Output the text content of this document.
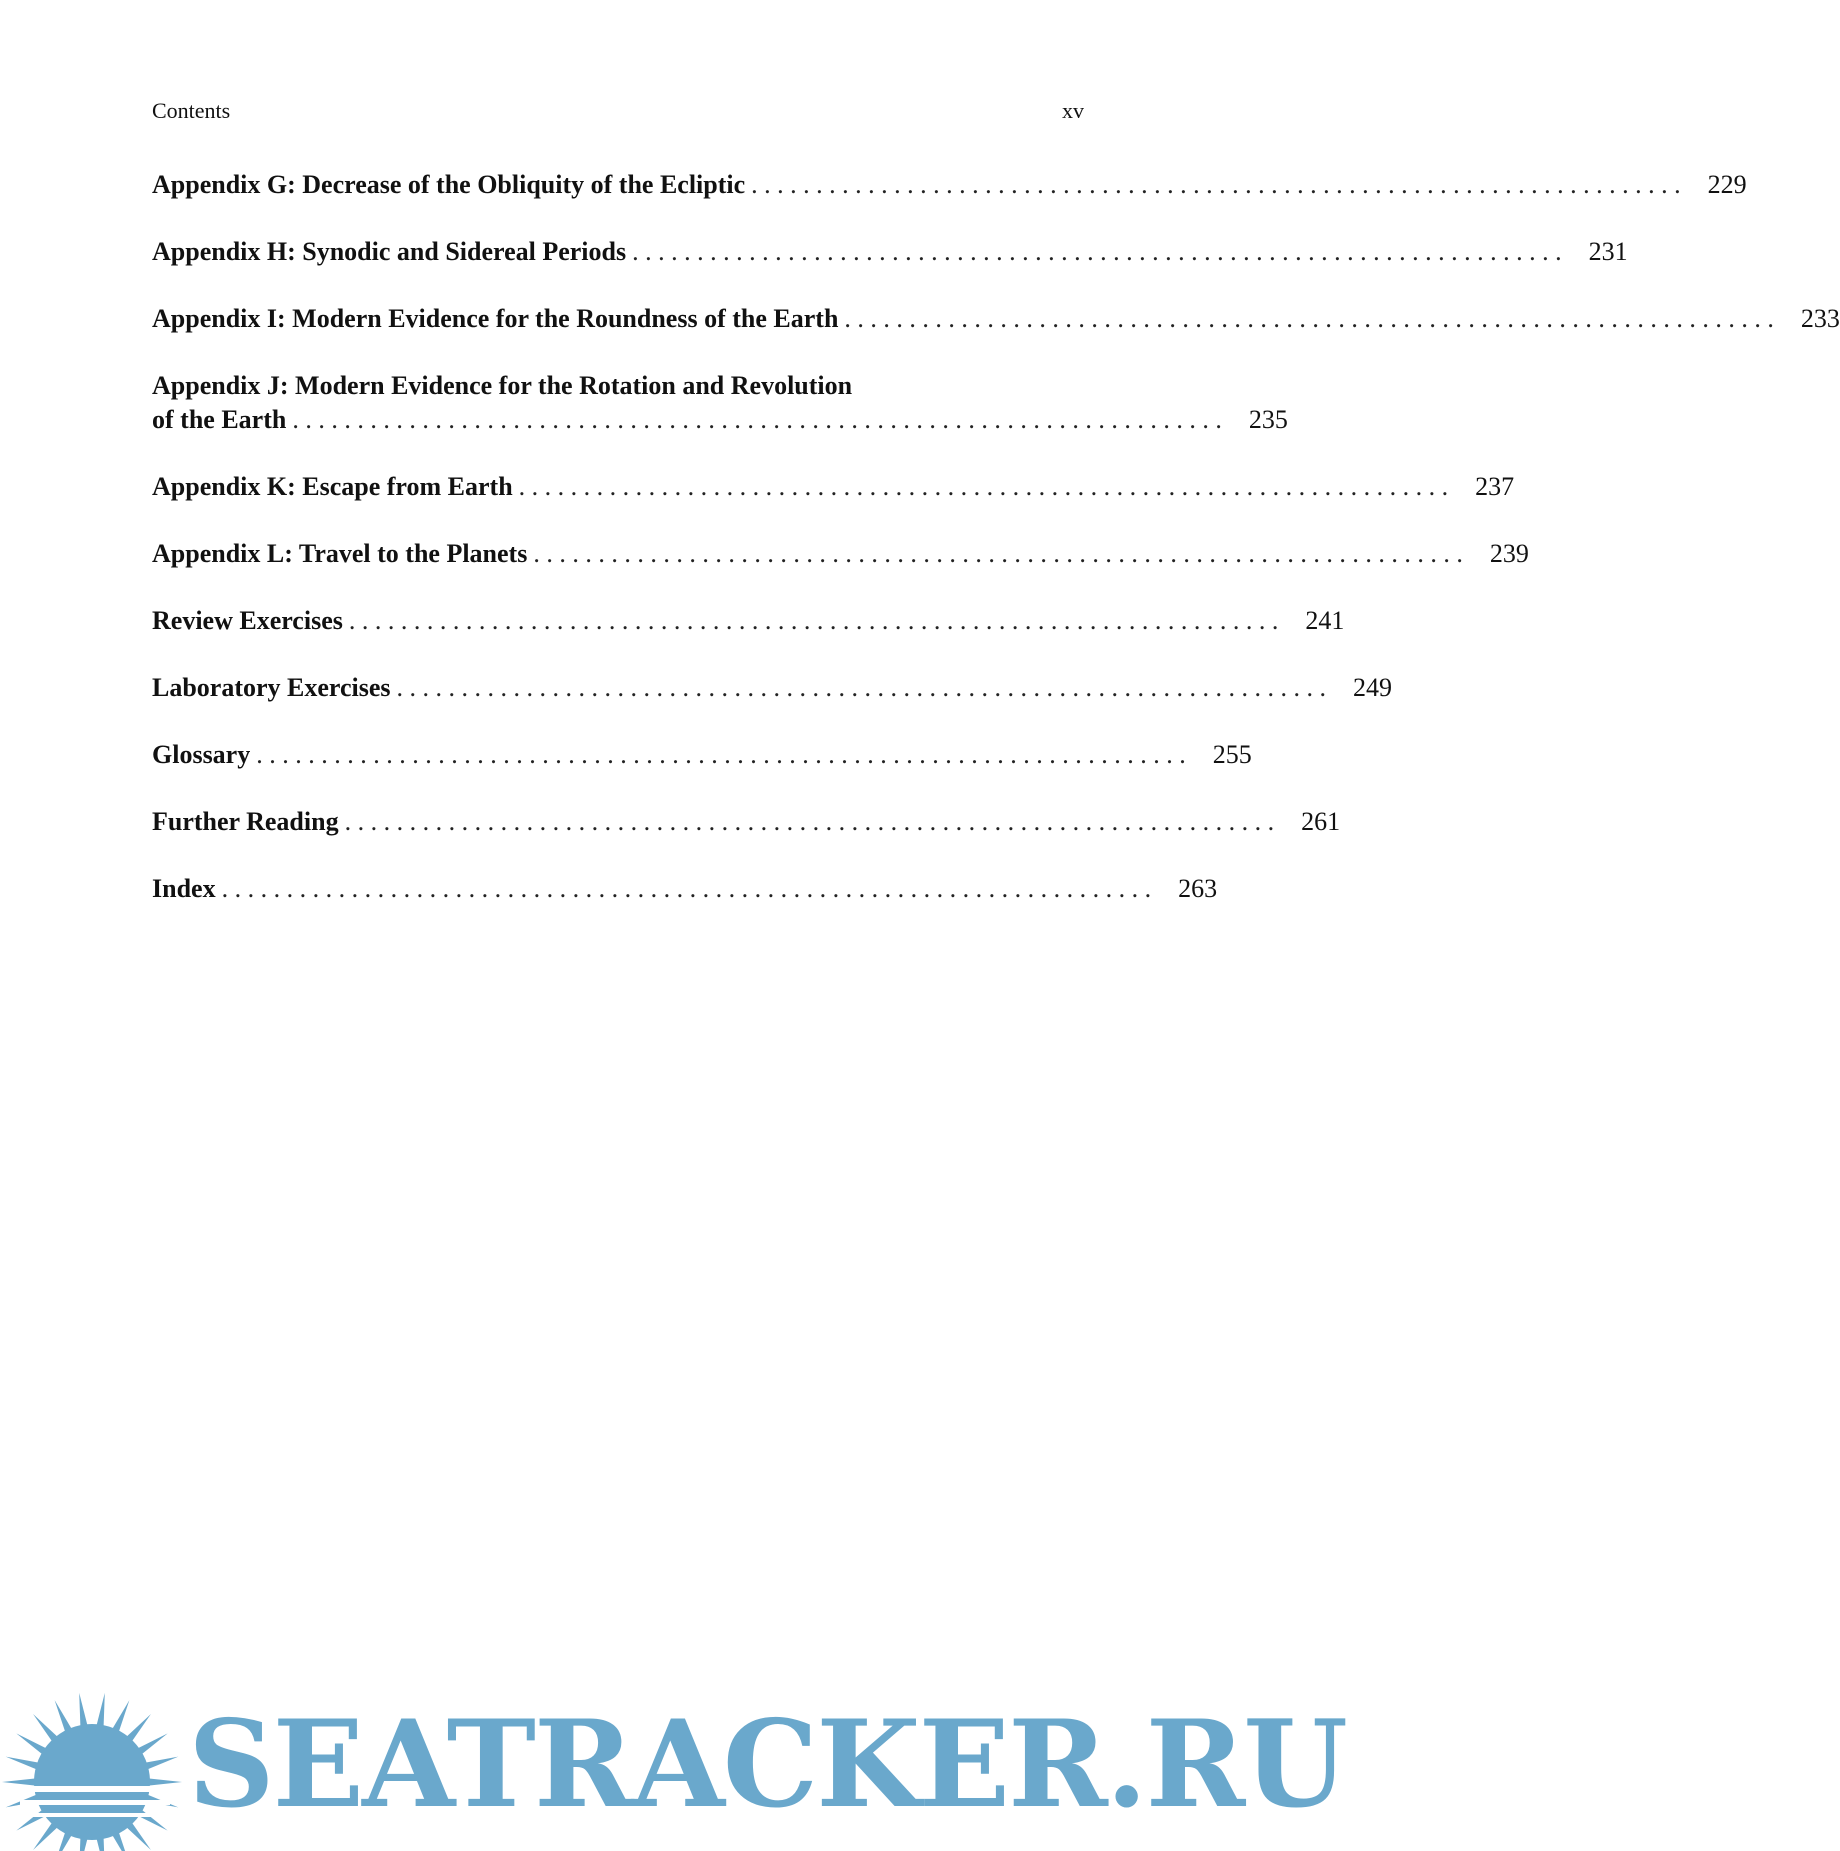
Contents	xv
Appendix G: Decrease of the Obliquity of the Ecliptic . . .	229
Appendix H: Synodic and Sidereal Periods . . .	231
Appendix I: Modern Evidence for the Roundness of the Earth . . .	233
Appendix J: Modern Evidence for the Rotation and Revolution
of the Earth . . .	235
Appendix K: Escape from Earth . . .	237
Appendix L: Travel to the Planets . . .	239
Review Exercises . . .	241
Laboratory Exercises . . .	249
Glossary . . .	255
Further Reading . . .	261
Index . . .	263
SEATRACKER.RU
